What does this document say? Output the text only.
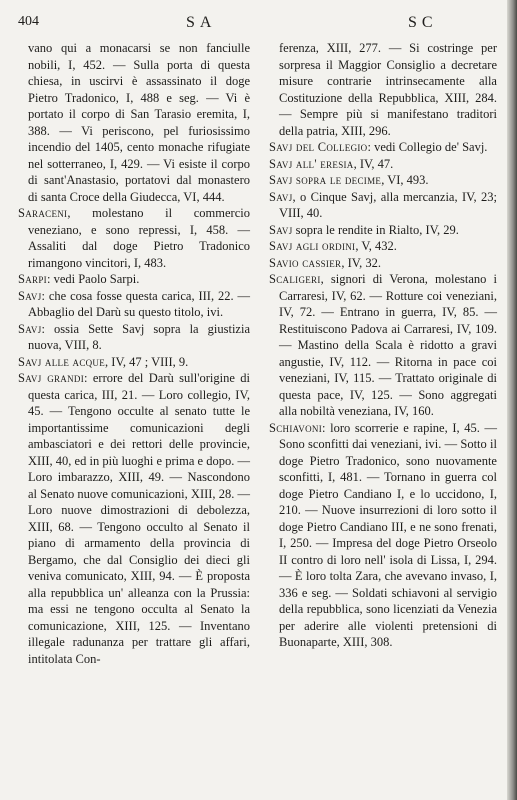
404	SA	SC

vano qui a monacarsi se non fanciulle nobili, I, 452. — Sulla porta di questa chiesa, in uscirvi è assassinato il doge Pietro Tradonico, I, 488 e seg. — Vi è portato il corpo di San Tarasio eremita, I, 388. — Vi periscono, pel furiosissimo incendio del 1405, cento monache rifugiate nel sotterraneo, I, 429. — Vi esiste il corpo di sant'Anastasio, portatovi dal monastero di santa Croce della Giudecca, VI, 444.

Saraceni, molestano il commercio veneziano, e sono repressi, I, 458. — Assaliti dal doge Pietro Tradonico rimangono vincitori, I, 483.

Sarpi: vedi Paolo Sarpi.

Savj: che cosa fosse questa carica, III, 22. — Abbaglio del Darù su questo titolo, ivi.

Savj: ossia Sette Savj sopra la giustizia nuova, VIII, 8.

Savj alle acque, IV, 47 ; VIII, 9.

Savj grandi: errore del Darù sull'origine di questa carica, III, 21. — Loro collegio, IV, 45. — Tengono occulte al senato tutte le importantissime comunicazioni degli ambasciatori e dei rettori delle provincie, XIII, 40, ed in più luoghi e prima e dopo. — Loro imbarazzo, XIII, 49. — Nascondono al Senato nuove comunicazioni, XIII, 28. — Loro nuove dimostrazioni di debolezza, XIII, 68. — Tengono occulto al Senato il piano di armamento della provincia di Bergamo, che dal Consiglio dei dieci gli veniva comunicato, XIII, 94. — È proposta alla repubblica un' alleanza con la Prussia: ma essi ne tengono occulta al Senato la comunicazione, XIII, 125. — Inventano illegale radunanza per trattare gli affari, intitolata Con-

ferenza, XIII, 277. — Si costringe per sorpresa il Maggior Consiglio a decretare misure contrarie intrinsecamente alla Costituzione della Repubblica, XIII, 284. — Sempre più si manifestano traditori della patria, XIII, 296.

Savj del Collegio: vedi Collegio de' Savj.

Savj all' eresia, IV, 47.

Savj sopra le decime, VI, 493.

Savj, o Cinque Savj, alla mercanzia, IV, 23; VIII, 40.

Savj sopra le rendite in Rialto, IV, 29.

Savj agli ordini, V, 432.

Savio cassier, IV, 32.

Scaligeri, signori di Verona, molestano i Carraresi, IV, 62. — Rotture coi veneziani, IV, 72. — Entrano in guerra, IV, 85. — Restituiscono Padova ai Carraresi, IV, 109. — Mastino della Scala è ridotto a gravi angustie, IV, 112. — Ritorna in pace coi veneziani, IV, 115. — Trattato originale di questa pace, IV, 125. — Sono aggregati alla nobiltà veneziana, IV, 160.

Schiavoni: loro scorrerie e rapine, I, 45. — Sono sconfitti dai veneziani, ivi. — Sotto il doge Pietro Tradonico, sono nuovamente sconfitti, I, 481. — Tornano in guerra col doge Pietro Candiano I, e lo uccidono, I, 210. — Nuove insurrezioni di loro sotto il doge Pietro Candiano III, e ne sono frenati, I, 250. — Impresa del doge Pietro Orseolo II contro di loro nell' isola di Lissa, I, 294. — È loro tolta Zara, che avevano invaso, I, 336 e seg. — Soldati schiavoni al servigio della repubblica, sono licenziati da Venezia per aderire alle violenti pretensioni di Buonaparte, XIII, 308.
